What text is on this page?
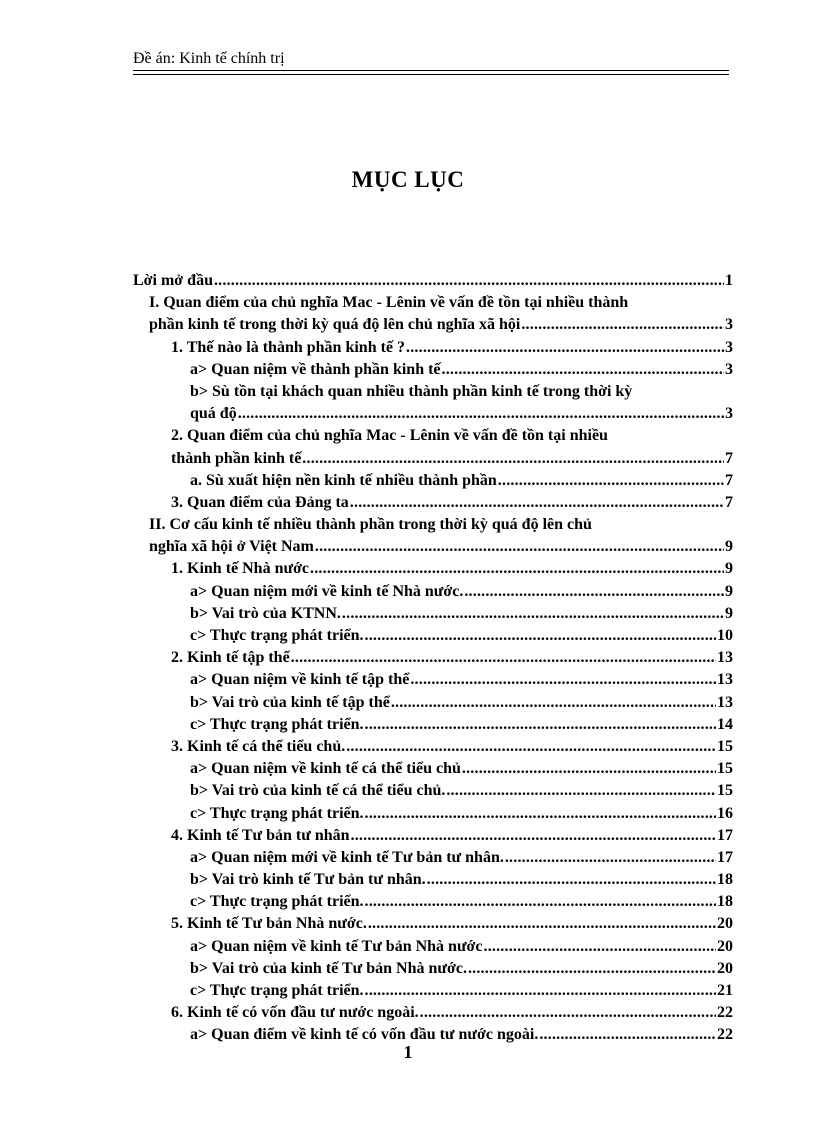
Đề án: Kinh tế chính trị
MỤC LỤC
Lời mở đầu .....	1
I. Quan điểm của chủ nghĩa Mac - Lênin về vấn đề tồn tại nhiều thành
phần kinh tế trong thời kỳ quá độ lên chủ nghĩa xã hội .....	3
1. Thế nào là thành phần kinh tế ? .....	3
a> Quan niệm về thành phần kinh tế .....	3
b> Sù tồn tại khách quan nhiều thành phần kinh tế trong thời kỳ
quá độ .....	3
2. Quan điểm của chủ nghĩa Mac - Lênin về vấn đề tồn tại nhiều
thành phần kinh tế .....	7
a. Sù xuất hiện nền kinh tế nhiều thành phần .....	7
3. Quan điểm của Đảng ta .....	7
II. Cơ cấu kinh tế nhiều thành phần trong thời kỳ quá độ lên chủ
nghĩa xã hội ở Việt Nam .....	9
1. Kinh tế Nhà nước .....	9
a> Quan niệm mới về kinh tế Nhà nước. .....	9
b> Vai trò của KTNN. .....	9
c> Thực trạng phát triển. .....	10
2. Kinh tế tập thể .....	13
a> Quan niệm về kinh tế tập thể .....	13
b> Vai trò của kinh tế tập thể .....	13
c> Thực trạng phát triển. .....	14
3. Kinh tế cá thể tiểu chủ. .....	15
a> Quan niệm về kinh tế cá thể tiểu chủ .....	15
b> Vai trò của kinh tế cá thể tiểu chủ. .....	15
c> Thực trạng phát triển. .....	16
4. Kinh tế Tư bản tư nhân .....	17
a> Quan niệm mới về kinh tế Tư bản tư nhân. .....	17
b> Vai trò kinh tế Tư bản tư nhân. .....	18
c> Thực trạng phát triển. .....	18
5. Kinh tế Tư bản Nhà nước. .....	20
a> Quan niệm về kinh tế Tư bản Nhà nước .....	20
b> Vai trò của kinh tế Tư bản Nhà nước. .....	20
c> Thực trạng phát triển. .....	21
6. Kinh tế có vốn đầu tư nước ngoài. .....	22
a> Quan điểm về kinh tế có vốn đầu tư nước ngoài. .....	22
1
